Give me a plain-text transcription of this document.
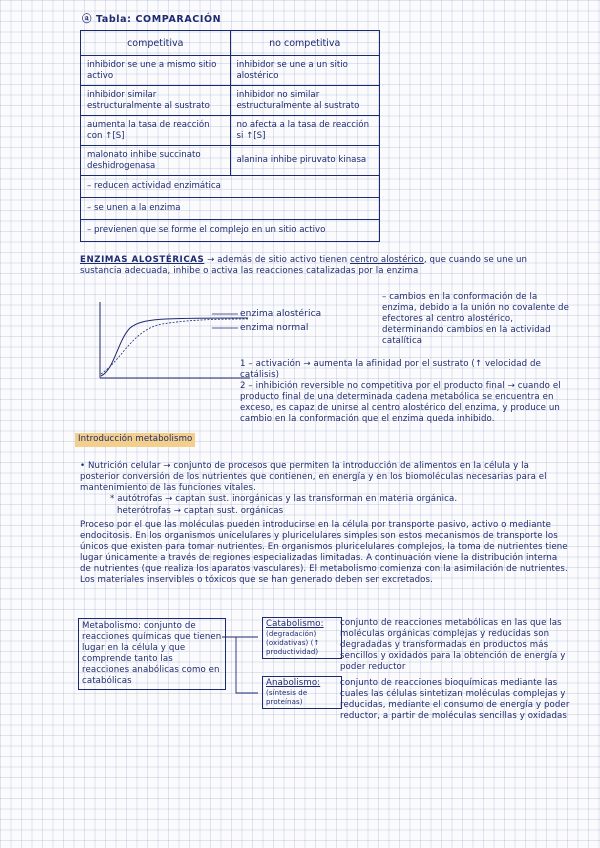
ⓐ Tabla: COMPARACIÓN
competitiva	no competitiva
inhibidor se une a mismo sitio activo	inhibidor se une a un sitio alostérico
inhibidor similar estructuralmente al sustrato	inhibidor no similar estructuralmente al sustrato
aumenta la tasa de reacción con ↑[S]	no afecta a la tasa de reacción si ↑[S]
malonato inhibe succinato deshidrogenasa	alanina inhibe piruvato kinasa
– reducen actividad enzimática	
– se unen a la enzima	
– previenen que se forme el complejo en un sitio activo	
ENZIMAS ALOSTÉRICAS → además de sitio activo tienen centro alostérico, que cuando se une un sustancia adecuada, inhibe o activa las reacciones catalizadas por la enzima
enzima alostérica
enzima normal
– cambios en la conformación de la enzima, debido a la unión no covalente de efectores al centro alostérico, determinando cambios en la actividad catalítica
1 – activación → aumenta la afinidad por el sustrato (↑ velocidad de catálisis)
2 – inhibición reversible no competitiva por el producto final → cuando el producto final de una determinada cadena metabólica se encuentra en exceso, es capaz de unirse al centro alostérico del enzima, y produce un cambio en la conformación que el enzima queda inhibido.
Introducción metabolismo
• Nutrición celular → conjunto de procesos que permiten la introducción de alimentos en la célula y la posterior conversión de los nutrientes que contienen, en energía y en los biomoléculas necesarias para el mantenimiento de las funciones vitales.
* autótrofas → captan sust. inorgánicas y las transforman en materia orgánica.
heterótrofas → captan sust. orgánicas
Proceso por el que las moléculas pueden introducirse en la célula por transporte pasivo, activo o mediante endocitosis. En los organismos unicelulares y pluricelulares simples son estos mecanismos de transporte los únicos que existen para tomar nutrientes. En organismos pluricelulares complejos, la toma de nutrientes tiene lugar únicamente a través de regiones especializadas limitadas. A continuación viene la distribución interna de nutrientes (que realiza los aparatos vasculares). El metabolismo comienza con la asimilación de nutrientes. Los materiales inservibles o tóxicos que se han generado deben ser excretados.
Metabolismo: conjunto de reacciones químicas que tienen lugar en la célula y que comprende tanto las reacciones anabólicas como en catabólicas
Catabolismo:
(degradación) (oxidativas) (↑ productividad)
conjunto de reacciones metabólicas en las que las moléculas orgánicas complejas y reducidas son degradadas y transformadas en productos más sencillos y oxidados para la obtención de energía y poder reductor
Anabolismo:
(síntesis de proteínas)
conjunto de reacciones bioquímicas mediante las cuales las células sintetizan moléculas complejas y reducidas, mediante el consumo de energía y poder reductor, a partir de moléculas sencillas y oxidadas
